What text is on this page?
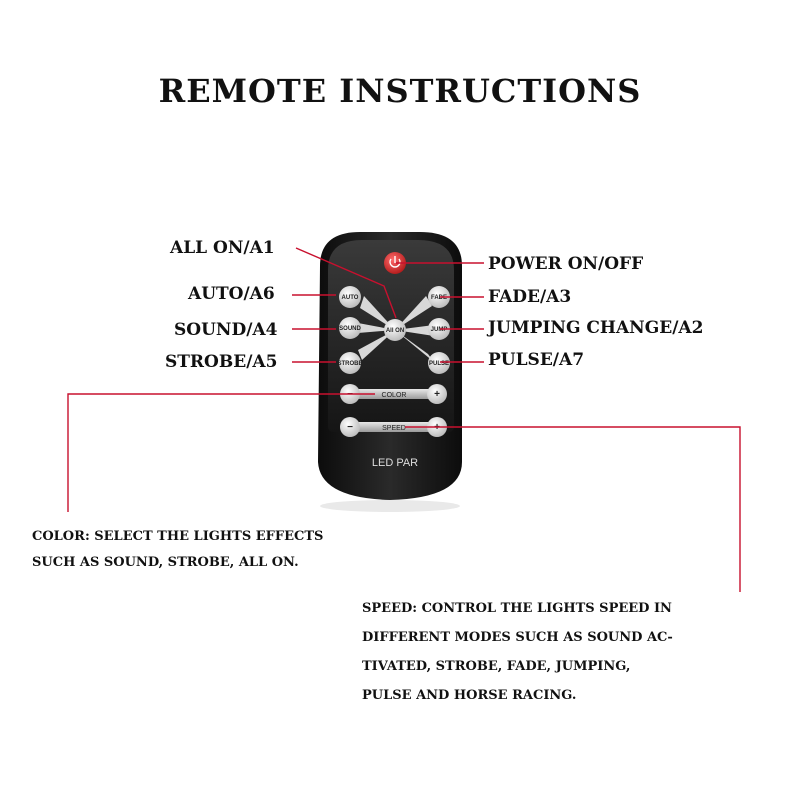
REMOTE INSTRUCTIONS
ALL ON/A1
AUTO/A6
SOUND/A4
STROBE/A5
POWER ON/OFF
FADE/A3
JUMPING CHANGE/A2
PULSE/A7
AUTO
SOUND
STROBE
All ON
FADE
JUMP
PULSE
COLOR
−	+
SPEED
−	+
LED PAR
COLOR: SELECT THE LIGHTS EFFECTS
SUCH AS SOUND, STROBE, ALL ON.
SPEED: CONTROL THE LIGHTS SPEED IN
DIFFERENT MODES SUCH AS SOUND AC-
TIVATED, STROBE, FADE, JUMPING,
PULSE AND HORSE RACING.
